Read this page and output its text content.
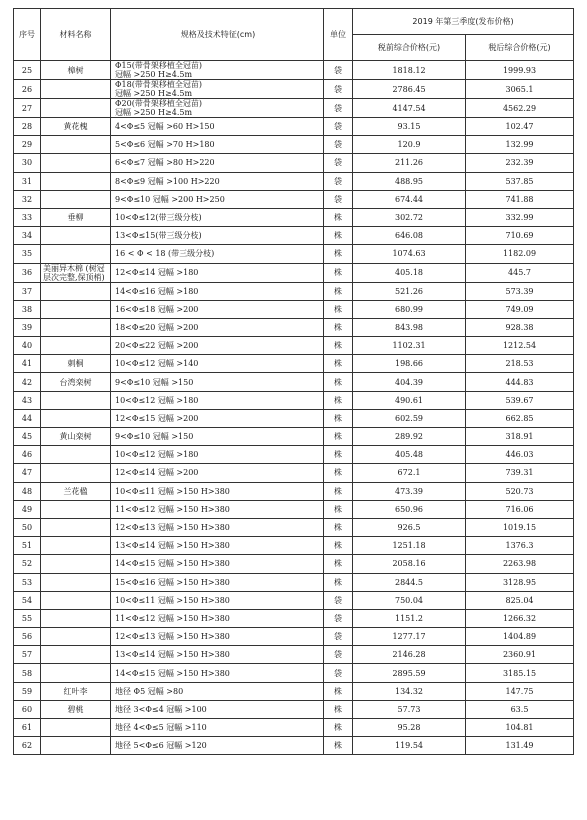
序号	材料名称	规格及技术特征(cm)	单位	2019 年第三季度(发布价格)	
				税前综合价格(元)	税后综合价格(元)
25	樟树	Φ15(带骨架移植全冠苗)
冠幅 >250 H≥4.5m	袋	1818.12	1999.93
26		Φ18(带骨架移植全冠苗)
冠幅 >250 H≥4.5m	袋	2786.45	3065.1
27		Φ20(带骨架移植全冠苗)
冠幅 >250 H≥4.5m	袋	4147.54	4562.29
28	黄花槐	4<Φ≤5 冠幅 >60 H>150	袋	93.15	102.47
29		5<Φ≤6 冠幅 >70 H>180	袋	120.9	132.99
30		6<Φ≤7 冠幅 >80 H>220	袋	211.26	232.39
31		8<Φ≤9 冠幅 >100 H>220	袋	488.95	537.85
32		9<Φ≤10 冠幅 >200 H>250	袋	674.44	741.88
33	垂柳	10<Φ≤12(带三级分枝)	株	302.72	332.99
34		13<Φ≤15(带三级分枝)	株	646.08	710.69
35		16 < Φ < 18 (带三级分枝)	株	1074.63	1182.09
36	美丽异木棉 (树冠层次完整,保顶梢)	12<Φ≤14 冠幅 >180	株	405.18	445.7
37		14<Φ≤16 冠幅 >180	株	521.26	573.39
38		16<Φ≤18 冠幅 >200	株	680.99	749.09
39		18<Φ≤20 冠幅 >200	株	843.98	928.38
40		20<Φ≤22 冠幅 >200	株	1102.31	1212.54
41	刺桐	10<Φ≤12 冠幅 >140	株	198.66	218.53
42	台湾栾树	9<Φ≤10 冠幅 >150	株	404.39	444.83
43		10<Φ≤12 冠幅 >180	株	490.61	539.67
44		12<Φ≤15 冠幅 >200	株	602.59	662.85
45	黄山栾树	9<Φ≤10 冠幅 >150	株	289.92	318.91
46		10<Φ≤12 冠幅 >180	株	405.48	446.03
47		12<Φ≤14 冠幅 >200	株	672.1	739.31
48	兰花楹	10<Φ≤11 冠幅 >150 H>380	株	473.39	520.73
49		11<Φ≤12 冠幅 >150 H>380	株	650.96	716.06
50		12<Φ≤13 冠幅 >150 H>380	株	926.5	1019.15
51		13<Φ≤14 冠幅 >150 H>380	株	1251.18	1376.3
52		14<Φ≤15 冠幅 >150 H>380	株	2058.16	2263.98
53		15<Φ≤16 冠幅 >150 H>380	株	2844.5	3128.95
54		10<Φ≤11 冠幅 >150 H>380	袋	750.04	825.04
55		11<Φ≤12 冠幅 >150 H>380	袋	1151.2	1266.32
56		12<Φ≤13 冠幅 >150 H>380	袋	1277.17	1404.89
57		13<Φ≤14 冠幅 >150 H>380	袋	2146.28	2360.91
58		14<Φ≤15 冠幅 >150 H>380	袋	2895.59	3185.15
59	红叶李	地径 Φ5 冠幅 >80	株	134.32	147.75
60	碧桃	地径 3<Φ≤4 冠幅 >100	株	57.73	63.5
61		地径 4<Φ≤5 冠幅 >110	株	95.28	104.81
62		地径 5<Φ≤6 冠幅 >120	株	119.54	131.49
